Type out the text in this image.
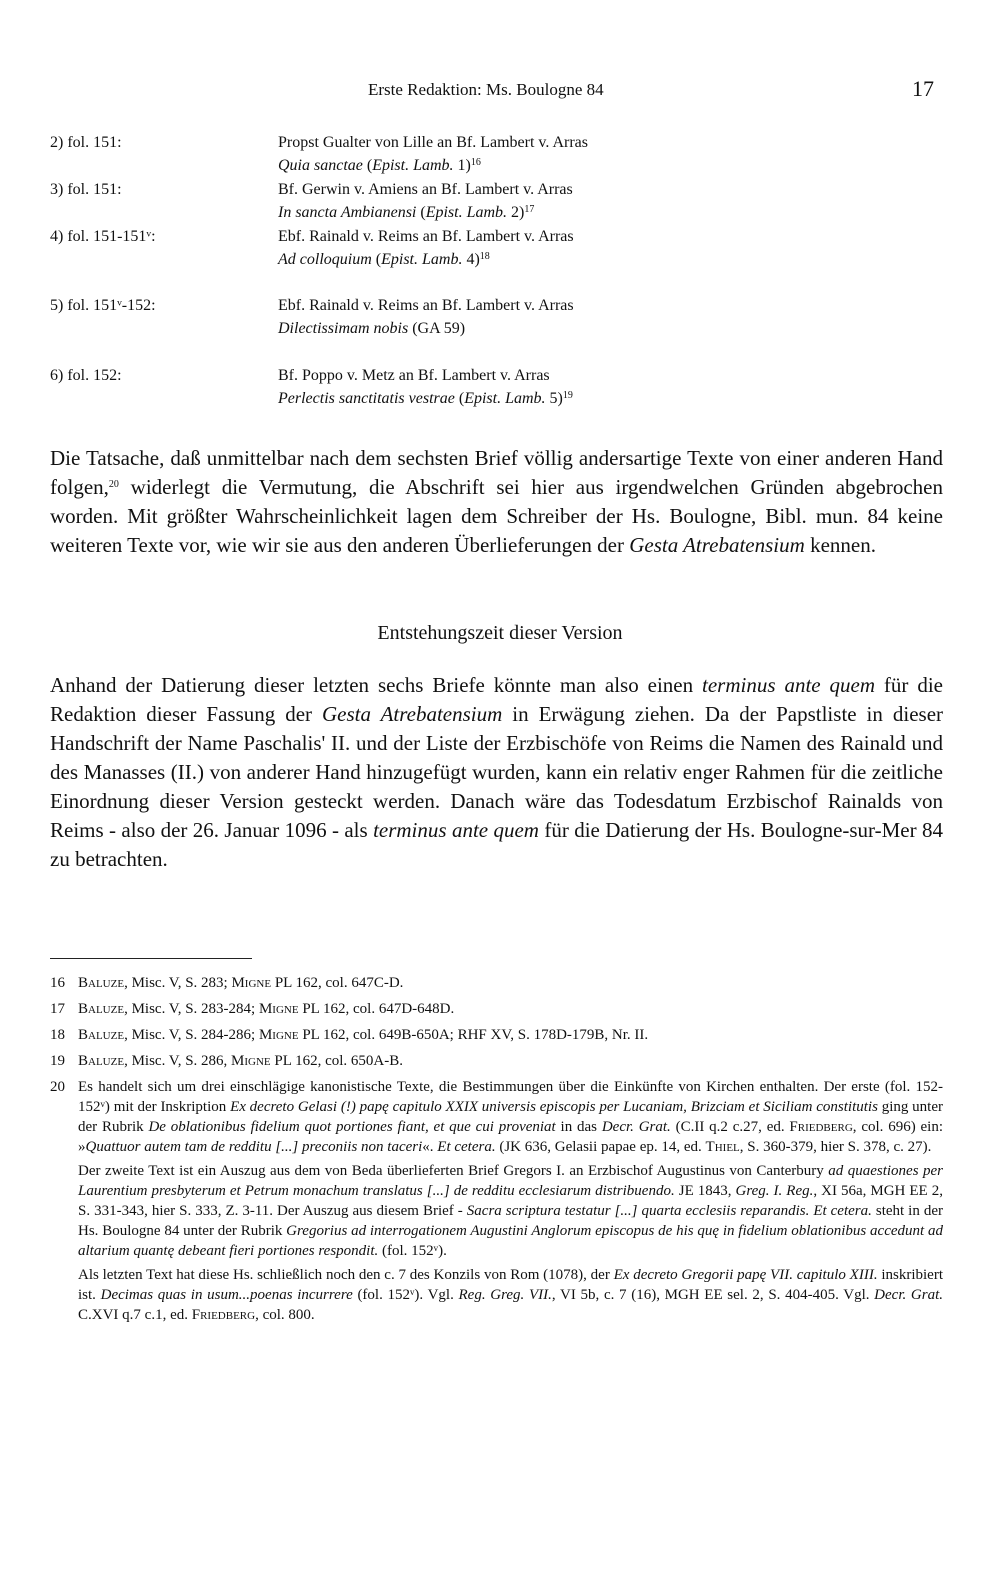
Erste Redaktion: Ms. Boulogne 84	17
2) fol. 151:	Propst Gualter von Lille an Bf. Lambert v. Arras
Quia sanctae (Epist. Lamb. 1)$^{16}$
3) fol. 151:	Bf. Gerwin v. Amiens an Bf. Lambert v. Arras
In sancta Ambianensi (Epist. Lamb. 2)$^{17}$
4) fol. 151-151ᵛ:	Ebf. Rainald v. Reims an Bf. Lambert v. Arras
Ad colloquium (Epist. Lamb. 4)$^{18}$
5) fol. 151ᵛ-152:	Ebf. Rainald v. Reims an Bf. Lambert v. Arras
Dilectissimam nobis (GA 59)
6) fol. 152:	Bf. Poppo v. Metz an Bf. Lambert v. Arras
Perlectis sanctitatis vestrae (Epist. Lamb. 5)$^{19}$

Die Tatsache, daß unmittelbar nach dem sechsten Brief völlig andersartige Texte von einer anderen Hand folgen,$^{20}$ widerlegt die Vermutung, die Abschrift sei hier aus irgendwelchen Gründen abgebrochen worden. Mit größter Wahrscheinlichkeit lagen dem Schreiber der Hs. Boulogne, Bibl. mun. 84 keine weiteren Texte vor, wie wir sie aus den anderen Überlieferungen der Gesta Atrebatensium kennen.

Entstehungszeit dieser Version

Anhand der Datierung dieser letzten sechs Briefe könnte man also einen terminus ante quem für die Redaktion dieser Fassung der Gesta Atrebatensium in Erwägung ziehen. Da der Papstliste in dieser Handschrift der Name Paschalis' II. und der Liste der Erzbischöfe von Reims die Namen des Rainald und des Manasses (II.) von anderer Hand hinzugefügt wurden, kann ein relativ enger Rahmen für die zeitliche Einordnung dieser Version gesteckt werden. Danach wäre das Todesdatum Erzbischof Rainalds von Reims - also der 26. Januar 1096 - als terminus ante quem für die Datierung der Hs. Boulogne-sur-Mer 84 zu betrachten.

16 Baluze, Misc. V, S. 283; Migne PL 162, col. 647C-D.
17 Baluze, Misc. V, S. 283-284; Migne PL 162, col. 647D-648D.
18 Baluze, Misc. V, S. 284-286; Migne PL 162, col. 649B-650A; RHF XV, S. 178D-179B, Nr. II.
19 Baluze, Misc. V, S. 286, Migne PL 162, col. 650A-B.
20 Es handelt sich um drei einschlägige kanonistische Texte, die Bestimmungen über die Einkünfte von Kirchen enthalten. Der erste (fol. 152-152ᵛ) mit der Inskription Ex decreto Gelasi (!) papę capitulo XXIX universis episcopis per Lucaniam, Brizciam et Siciliam constitutis ging unter der Rubrik De oblationibus fidelium quot portiones fiant, et que cui proveniat in das Decr. Grat. (C.II q.2 c.27, ed. Friedberg, col. 696) ein: »Quattuor autem tam de redditu [...] preconiis non taceri«. Et cetera. (JK 636, Gelasii papae ep. 14, ed. Thiel, S. 360-379, hier S. 378, c. 27).
Der zweite Text ist ein Auszug aus dem von Beda überlieferten Brief Gregors I. an Erzbischof Augustinus von Canterbury ad quaestiones per Laurentium presbyterum et Petrum monachum translatus [...] de redditu ecclesiarum distribuendo. JE 1843, Greg. I. Reg., XI 56a, MGH EE 2, S. 331-343, hier S. 333, Z. 3-11. Der Auszug aus diesem Brief - Sacra scriptura testatur [...] quarta ecclesiis reparandis. Et cetera. steht in der Hs. Boulogne 84 unter der Rubrik Gregorius ad interrogationem Augustini Anglorum episcopus de his quę in fidelium oblationibus accedunt ad altarium quantę debeant fieri portiones respondit. (fol. 152ᵛ).
Als letzten Text hat diese Hs. schließlich noch den c. 7 des Konzils von Rom (1078), der Ex decreto Gregorii papę VII. capitulo XIII. inskribiert ist. Decimas quas in usum...poenas incurrere (fol. 152ᵛ). Vgl. Reg. Greg. VII., VI 5b, c. 7 (16), MGH EE sel. 2, S. 404-405. Vgl. Decr. Grat. C.XVI q.7 c.1, ed. Friedberg, col. 800.
